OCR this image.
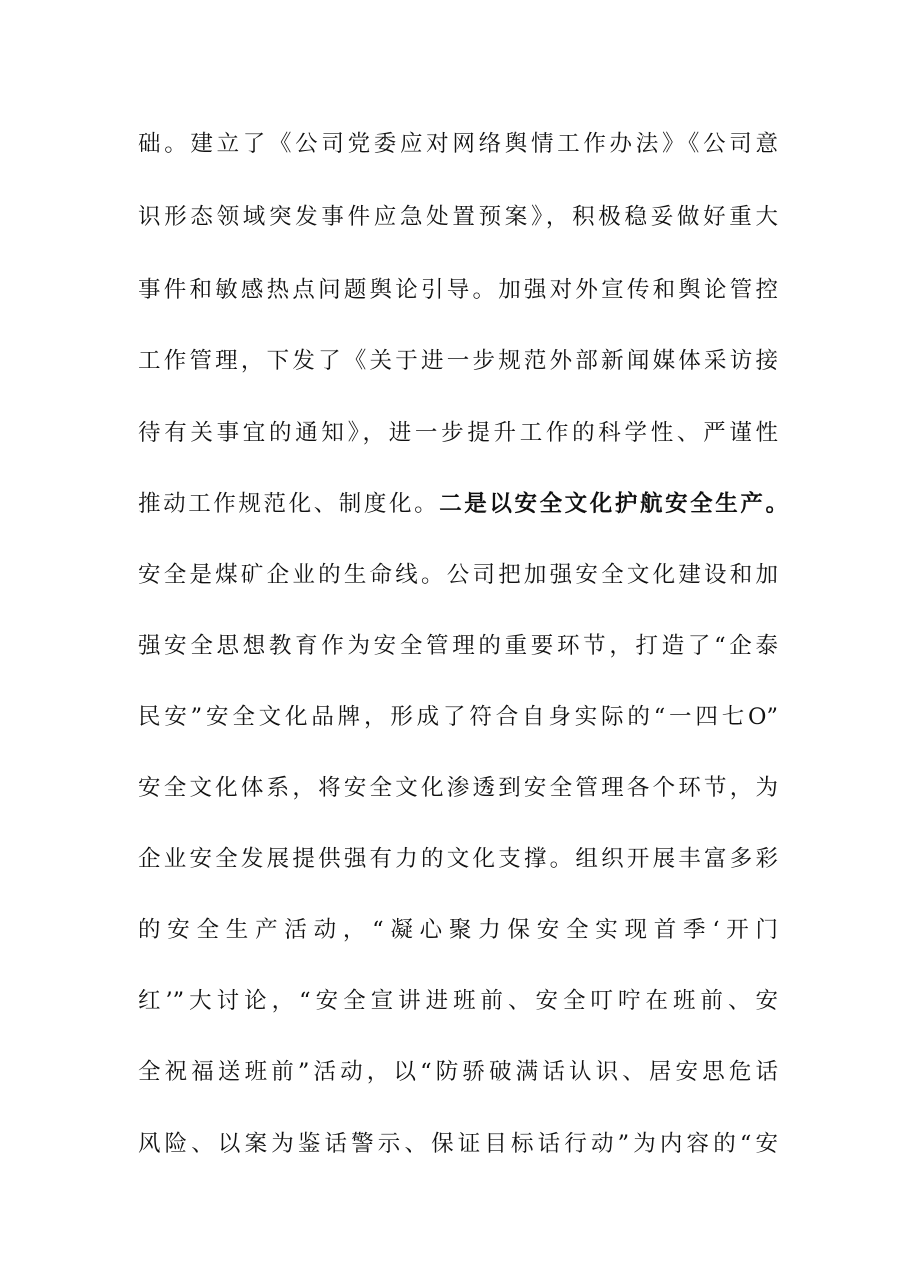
础。建立了《公司党委应对网络舆情工作办法》《公司意
识形态领域突发事件应急处置预案》，积极稳妥做好重大
事件和敏感热点问题舆论引导。加强对外宣传和舆论管控
工作管理，下发了《关于进一步规范外部新闻媒体采访接
待有关事宜的通知》，进一步提升工作的科学性、严谨性
推动工作规范化、制度化。二是以安全文化护航安全生产。
安全是煤矿企业的生命线。公司把加强安全文化建设和加
强安全思想教育作为安全管理的重要环节，打造了“企泰
民安”安全文化品牌，形成了符合自身实际的“一四七O”
安全文化体系，将安全文化渗透到安全管理各个环节，为
企业安全发展提供强有力的文化支撑。组织开展丰富多彩
的安全生产活动，“凝心聚力保安全实现首季‘开门
红’”大讨论，“安全宣讲进班前、安全叮咛在班前、安
全祝福送班前”活动，以“防骄破满话认识、居安思危话
风险、以案为鉴话警示、保证目标话行动”为内容的“安
